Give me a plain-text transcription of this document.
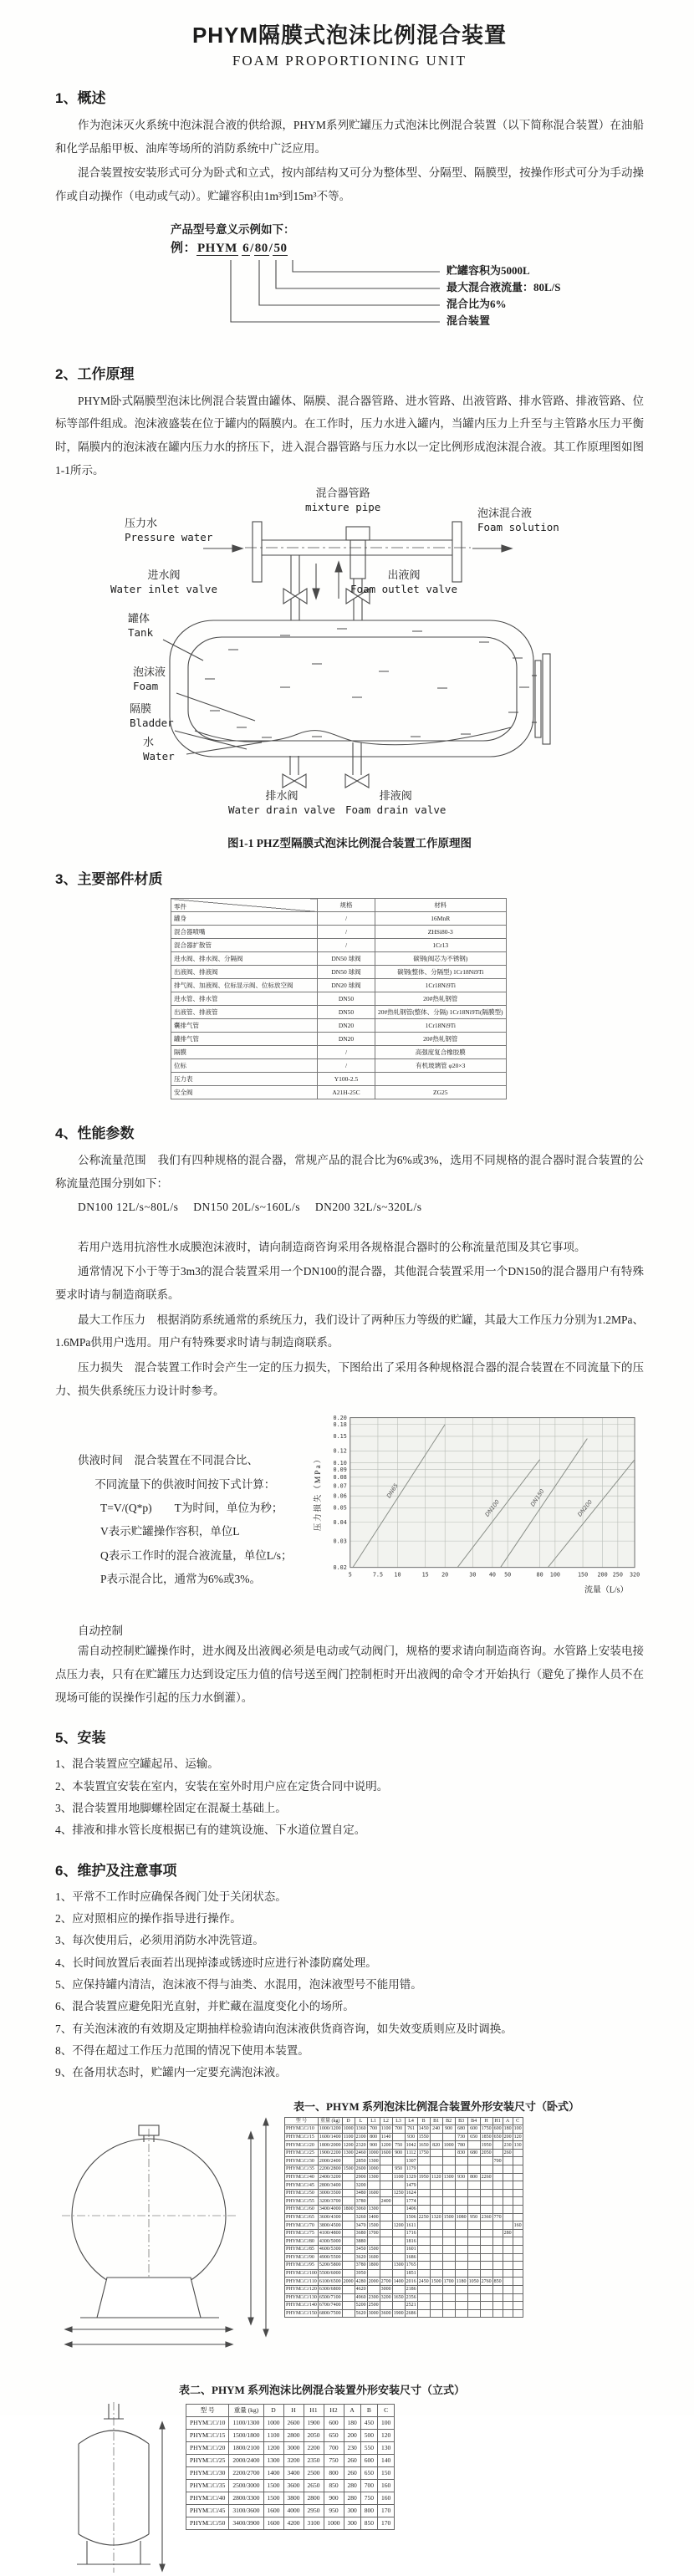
PHYM隔膜式泡沫比例混合装置
FOAM PROPORTIONING UNIT
1、概述

作为泡沫灭火系统中泡沫混合液的供给源，PHYM系列贮罐压力式泡沫比例混合装置（以下简称混合装置）在油船和化学品船甲板、油库等场所的消防系统中广泛应用。

混合装置按安装形式可分为卧式和立式，按内部结构又可分为整体型、分隔型、隔膜型，按操作形式可分为手动操作或自动操作（电动或气动）。贮罐容积由1m³到15m³不等。

产品型号意义示例如下：

例：PHYM 6/80/50

贮罐容积为5000L
最大混合液流量：80L/S
混合比为6%
混合装置
2、工作原理

PHYM卧式隔膜型泡沫比例混合装置由罐体、隔膜、混合器管路、进水管路、出液管路、排水管路、排液管路、位标等部件组成。泡沫液盛装在位于罐内的隔膜内。在工作时，压力水进入罐内，当罐内压力上升至与主管路水压力平衡时，隔膜内的泡沫液在罐内压力水的挤压下，进入混合器管路与压力水以一定比例形成泡沫混合液。其工作原理图如图1-1所示。

混合器管路
mixture pipe
压力水
Pressure water
泡沫混合液
Foam solution
进水阀
Water inlet valve
出液阀
Foam outlet valve
罐体
Tank
泡沫液
Foam
隔膜
Bladder
水
Water
排水阀
Water drain valve
排液阀
Foam drain valve

图1-1 PHZ型隔膜式泡沫比例混合装置工作原理图

3、主要部件材质
零件	规格	材料
罐身	/	16MnR
混合器喷嘴	/	ZHSi80-3
混合器扩散管	/	1Cr13
进水阀、排水阀、分隔阀	DN50 球阀	碳钢(阀芯为不锈钢)
出液阀、排液阀	DN50 球阀	碳钢(整体、分隔型) 1Cr18Ni9Ti
排气阀、加液阀、位标显示阀、位标放空阀	DN20 球阀	1Cr18Ni9Ti
进水管、排水管	DN50	20#热轧钢管
出液管、排液管	DN50	20#热轧钢管(整体、分隔) 1Cr18Ni9Ti(隔膜型)
囊排气管	DN20	1Cr18Ni9Ti
罐排气管	DN20	20#热轧钢管
隔膜	/	高强度复合橡胶膜
位标	/	有机玻璃管 φ20×3
压力表	Y100-2.5	
安全阀	A21H-25C	ZG25
4、性能参数

公称流量范围　我们有四种规格的混合器，常规产品的混合比为6%或3%，选用不同规格的混合器时混合装置的公称流量范围分别如下：

DN100 12L/s~80L/s　 DN150 20L/s~160L/s　 DN200 32L/s~320L/s

若用户选用抗溶性水成膜泡沫液时，请向制造商咨询采用各规格混合器时的公称流量范围及其它事项。

通常情况下小于等于3m3的混合装置采用一个DN100的混合器，其他混合装置采用一个DN150的混合器用户有特殊要求时请与制造商联系。

最大工作压力　根据消防系统通常的系统压力，我们设计了两种压力等级的贮罐，其最大工作压力分别为1.2MPa、1.6MPa供用户选用。用户有特殊要求时请与制造商联系。

压力损失　混合装置工作时会产生一定的压力损失，下图给出了采用各种规格混合器的混合装置在不同流量下的压力、损失供系统压力设计时参考。

供液时间　混合装置在不同混合比、
不同流量下的供液时间按下式计算：
T=V/(Q*p)　　T为时间，单位为秒；
V表示贮罐操作容积，单位L
Q表示工作时的混合液流量，单位L/s；
P表示混合比，通常为6%或3%。
0.02
0.03
0.04
0.05
0.06
0.07
0.08
0.09
0.10
0.12
0.15
0.18
0.20
5	7.5 10	15 20	30 40 50	80 100	150 200 250 320
DN65
DN100
DN150
DN200
压力损失（MPa）
流量（L/s）

自动控制

需自动控制贮罐操作时，进水阀及出液阀必须是电动或气动阀门，规格的要求请向制造商咨询。水管路上安装电接点压力表，只有在贮罐压力达到设定压力值的信号送至阀门控制柜时开出液阀的命令才开始执行（避免了操作人员不在现场可能的误操作引起的压力水倒灌）。

5、安装
1、混合装置应空罐起吊、运输。
2、本装置宜安装在室内，安装在室外时用户应在定货合同中说明。
3、混合装置用地脚螺栓固定在混凝土基础上。
4、排液和排水管长度根据已有的建筑设施、下水道位置自定。
6、维护及注意事项
1、平常不工作时应确保各阀门处于关闭状态。
2、应对照相应的操作指导进行操作。
3、每次使用后，必须用消防水冲洗管道。
4、长时间放置后表面若出现掉漆或锈迹时应进行补漆防腐处理。
5、应保持罐内清洁，泡沫液不得与油类、水混用，泡沫液型号不能用错。
6、混合装置应避免阳光直射，并贮藏在温度变化小的场所。
7、有关泡沫液的有效期及定期抽样检验请向泡沫液供货商咨询，如失效变质则应及时调换。
8、不得在超过工作压力范围的情况下使用本装置。
9、在备用状态时，贮罐内一定要充满泡沫液。

表一、PHYM 系列泡沫比例混合装置外形安装尺寸（卧式）

型 号	重量 (kg)	D	L	L1	L2	L3	L4	B	B1	B2	B3	B4	H	H1	A	C
PHYM□/□/10	1000/1200	1000	1360	700	1100	700	761	1450	240	900	680	600	1750	600	180	100
PHYM□/□/15	1600/1400	1100	2100	800	1140		930	1550			730	650	1850	650	200	120
PHYM□/□/20	1800/2000	1200	2320	900	1200	750	1042	1650	820	1000	780		1950		230	130
PHYM□/□/25	1900/2200	1300	2460	1000	1600	900	1112	1750			830	680	2050		260	
PHYM□/□/30	2000/2400		2850	1300			1307							700		
PHYM□/□/35	2200/2800	1500	2600	1000		950	1179									
PHYM□/□/40	2400/3200		2900	1300		1100	1329	1950	1120	1300	930	800	2260			
PHYM□/□/45	2800/3400		3200				1479									
PHYM□/□/50	3000/3500		3480	1600		1250	1624									
PHYM□/□/55	3200/3700		3780		2400		1774									
PHYM□/□/60	3400/4000	1800	3060	1300			1406									
PHYM□/□/65	3600/4300		3260	1400			1506	2250	1320	1500	1080	950	2360	770		
PHYM□/□/70	3800/4500		3470	1500		1200	1611									160
PHYM□/□/75	4100/4800		3680	1700			1716								280	
PHYM□/□/80	4300/5000		3880				1816									
PHYM□/□/85	4600/5300		3450	1500			1601									
PHYM□/□/90	4900/5500		3620	1600			1686									
PHYM□/□/95	5200/5800		3780	1800		1300	1765									
PHYM□/□/100	5500/6000		3950				1851									
PHYM□/□/110	6100/6500	2000	4280	2000	2700	1400	2016	2450	1500	1700	1180	1050	2760	850		
PHYM□/□/120	6300/6800		4620		3000		2186									
PHYM□/□/130	6500/7100		4960	2300	3200	1650	2356									
PHYM□/□/140	6700/7400		5200	2500			2521									
PHYM□/□/150	6800/7500		5620	3000	3600	1900	2686									

表二、PHYM 系列泡沫比例混合装置外形安装尺寸（立式）

型 号	重量 (kg)	D	H	H1	H2	A	B	C
PHYM□/□/10	1100/1300	1000	2600	1900	600	180	450	100
PHYM□/□/15	1500/1800	1100	2800	2050	650	200	500	120
PHYM□/□/20	1800/2100	1200	3000	2200	700	230	550	130
PHYM□/□/25	2000/2400	1300	3200	2350	750	260	600	140
PHYM□/□/30	2200/2700	1400	3400	2500	800	260	650	150
PHYM□/□/35	2500/3000	1500	3600	2650	850	280	700	160
PHYM□/□/40	2800/3300	1500	3800	2800	900	280	750	160
PHYM□/□/45	3100/3600	1600	4000	2950	950	300	800	170
PHYM□/□/50	3400/3900	1600	4200	3100	1000	300	850	170
